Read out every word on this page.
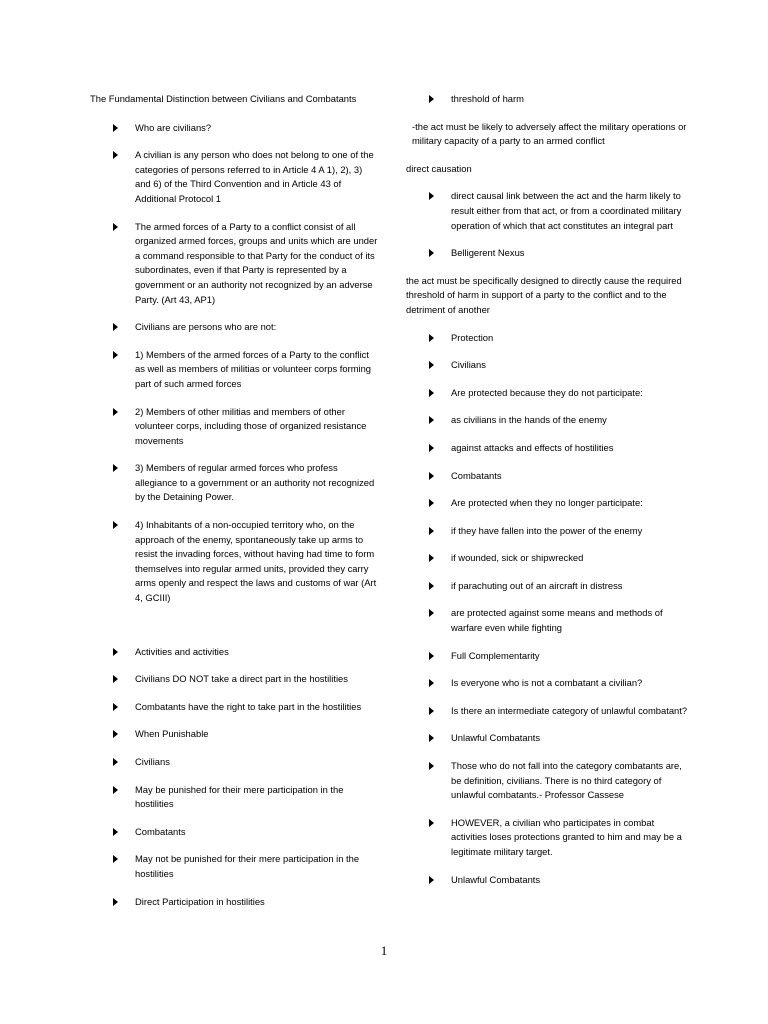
The Fundamental Distinction between Civilians and Combatants
Who are civilians?
A civilian is any person who does not belong to one of the categories of persons referred to in Article 4 A 1), 2), 3) and 6) of the Third Convention and in Article 43 of Additional Protocol 1
The armed forces of a Party to a conflict consist of all organized armed forces, groups and units which are under a command responsible to that Party for the conduct of its subordinates, even if that Party is represented by a government or an authority not recognized by an adverse Party. (Art 43, AP1)
Civilians are persons who are not:
1) Members of the armed forces of a Party to the conflict as well as members of militias or volunteer corps forming part of such armed forces
2) Members of other militias and members of other volunteer corps, including those of organized resistance movements
3) Members of regular armed forces who profess allegiance to a government or an authority not recognized by the Detaining Power.
4) Inhabitants of a non-occupied territory who, on the approach of the enemy, spontaneously take up arms to resist the invading forces, without having had time to form themselves into regular armed units, provided they carry arms openly and respect the laws and customs of war (Art 4, GCIII)
Activities and activities
Civilians DO NOT take a direct part in the hostilities
Combatants have the right to take part in the hostilities
When Punishable
Civilians
May be punished for their mere participation in the hostilities
Combatants
May not be punished for their mere participation in the hostilities
Direct Participation in hostilities
threshold of harm
-the act must be likely to adversely affect the military operations or military capacity of a party to an armed conflict
direct causation
direct causal link between the act and the harm likely to result either from that act, or from a coordinated military operation of which that act constitutes an integral part
Belligerent Nexus
the act must be specifically designed to directly cause the required threshold of harm in support of a party to the conflict and to the detriment of another
Protection
Civilians
Are protected because they do not participate:
as civilians in the hands of the enemy
against attacks and effects of hostilities
Combatants
Are protected when they no longer participate:
if they have fallen into the power of the enemy
if wounded, sick or shipwrecked
if parachuting out of an aircraft in distress
are protected against some means and methods of warfare even while fighting
Full Complementarity
Is everyone who is not a combatant a civilian?
Is there an intermediate category of unlawful combatant?
Unlawful Combatants
Those who do not fall into the category combatants are, be definition, civilians. There is no third category of unlawful combatants.- Professor Cassese
HOWEVER, a civilian who participates in combat activities loses protections granted to him and may be a legitimate military target.
Unlawful Combatants
1
